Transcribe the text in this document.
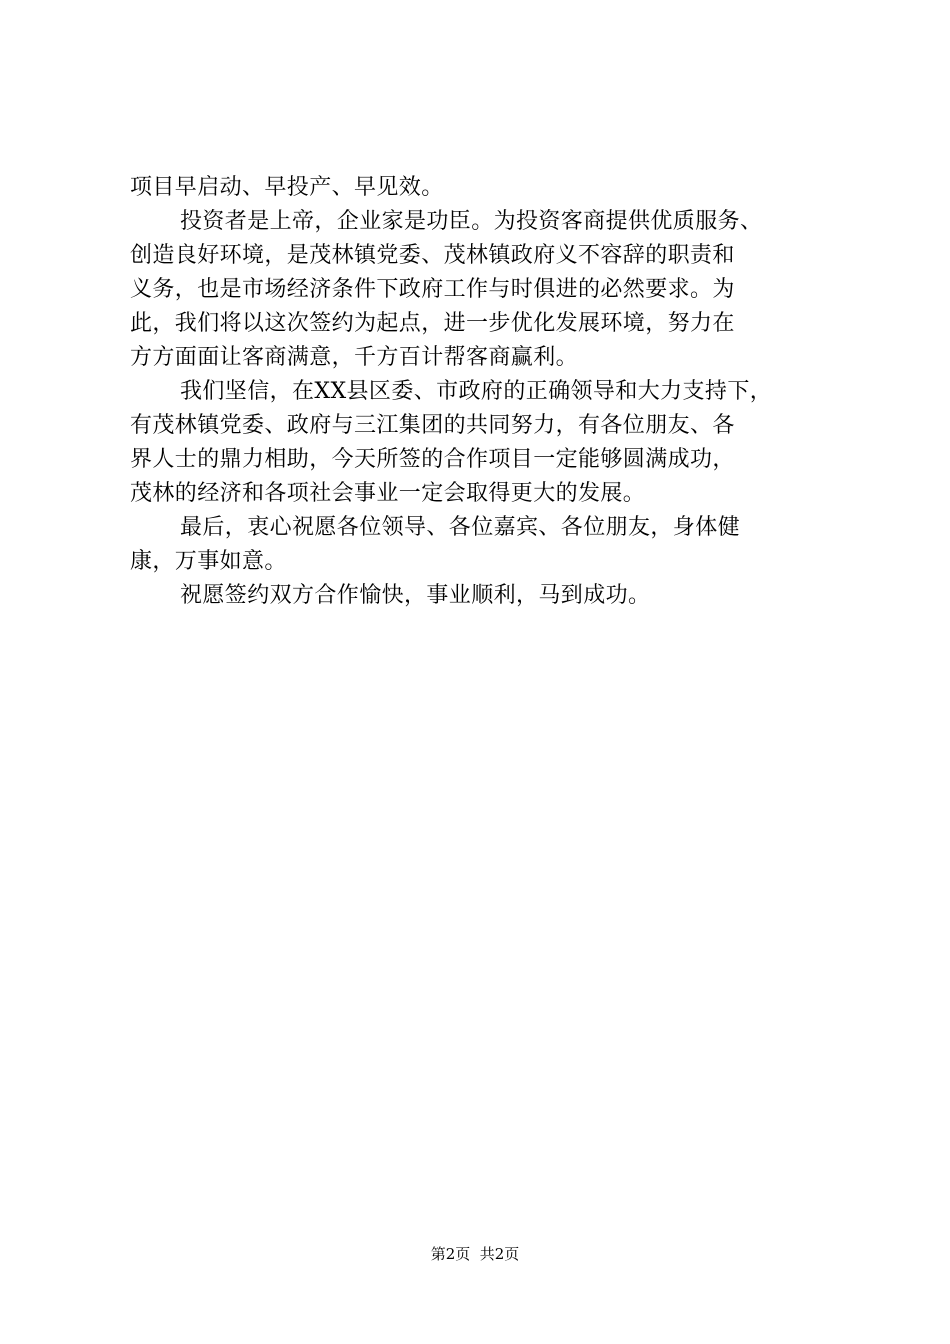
项目早启动、早投产、早见效。
投资者是上帝，企业家是功臣。为投资客商提供优质服务、
创造良好环境，是茂林镇党委、茂林镇政府义不容辞的职责和
义务，也是市场经济条件下政府工作与时俱进的必然要求。为
此，我们将以这次签约为起点，进一步优化发展环境，努力在
方方面面让客商满意，千方百计帮客商赢利。
我们坚信，在XX县区委、市政府的正确领导和大力支持下，
有茂林镇党委、政府与三江集团的共同努力，有各位朋友、各
界人士的鼎力相助，今天所签的合作项目一定能够圆满成功，
茂林的经济和各项社会事业一定会取得更大的发展。
最后，衷心祝愿各位领导、各位嘉宾、各位朋友，身体健
康，万事如意。
祝愿签约双方合作愉快，事业顺利，马到成功。
第2页  共2页
